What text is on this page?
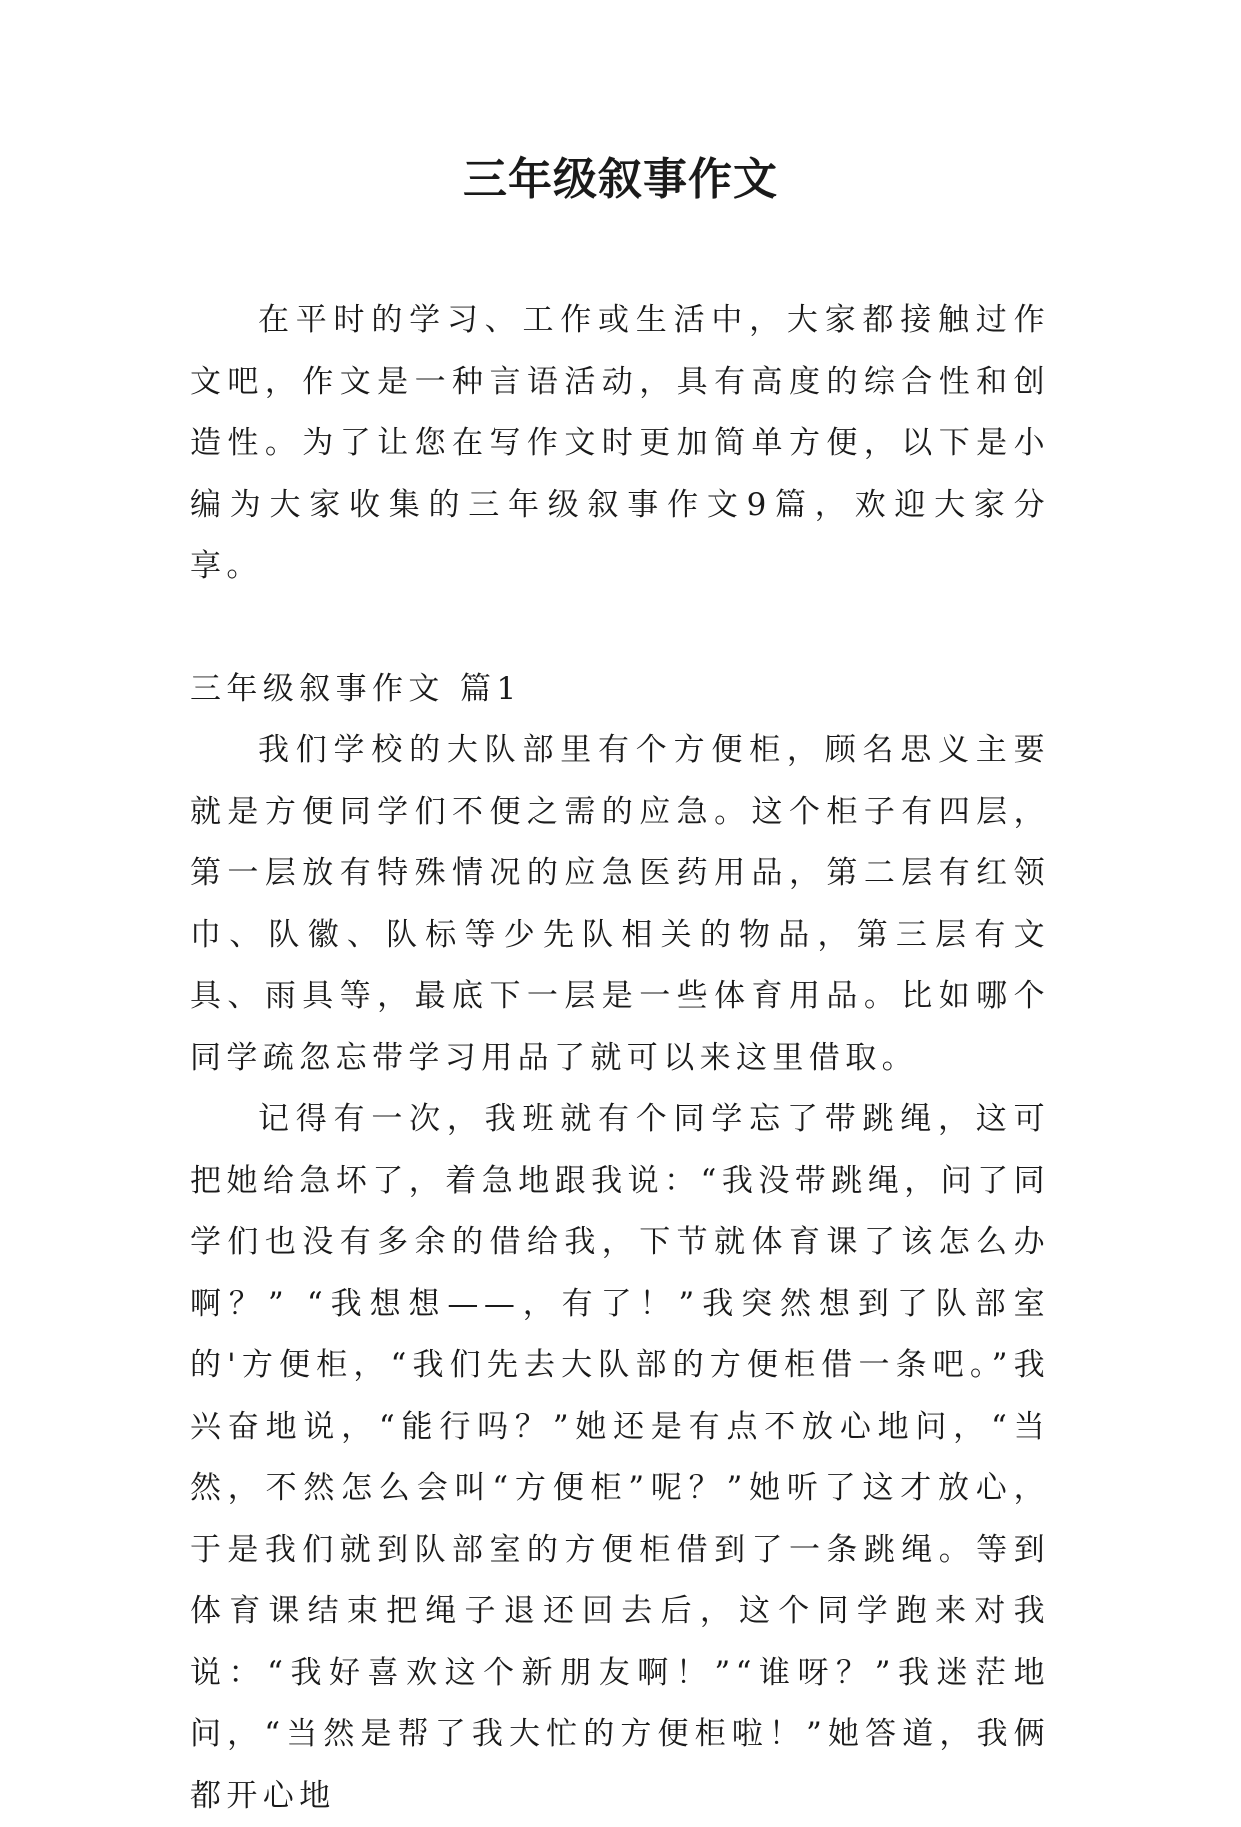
三年级叙事作文

在平时的学习、工作或生活中，大家都接触过作文吧，作文是一种言语活动，具有高度的综合性和创造性。为了让您在写作文时更加简单方便，以下是小编为大家收集的三年级叙事作文9篇，欢迎大家分享。

三年级叙事作文 篇1

我们学校的大队部里有个方便柜，顾名思义主要就是方便同学们不便之需的应急。这个柜子有四层，第一层放有特殊情况的应急医药用品，第二层有红领巾、队徽、队标等少先队相关的物品，第三层有文具、雨具等，最底下一层是一些体育用品。比如哪个同学疏忽忘带学习用品了就可以来这里借取。

记得有一次，我班就有个同学忘了带跳绳，这可把她给急坏了，着急地跟我说：“我没带跳绳，问了同学们也没有多余的借给我，下节就体育课了该怎么办啊？” “我想想——，有了！”我突然想到了队部室的'方便柜，“我们先去大队部的方便柜借一条吧。”我兴奋地说，“能行吗？”她还是有点不放心地问，“当然，不然怎么会叫“方便柜”呢？”她听了这才放心，于是我们就到队部室的方便柜借到了一条跳绳。等到体育课结束把绳子退还回去后，这个同学跑来对我说：“我好喜欢这个新朋友啊！”“谁呀？”我迷茫地问，“当然是帮了我大忙的方便柜啦！”她答道，我俩都开心地
